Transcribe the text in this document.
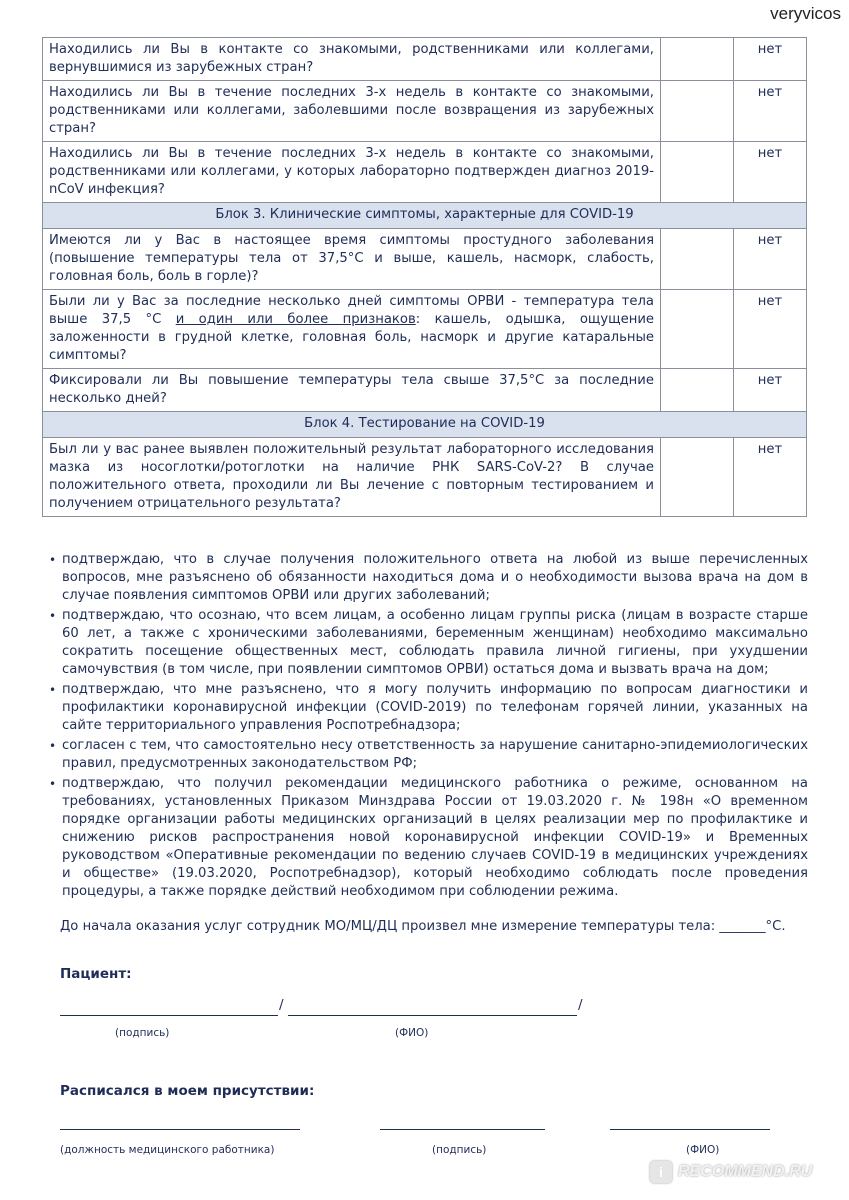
veryvicos
Находились ли Вы в контакте со знакомыми, родственниками или коллегами, вернувшимися из зарубежных стран?		нет
Находились ли Вы в течение последних 3-х недель в контакте со знакомыми, родственниками или коллегами, заболевшими после возвращения из зарубежных стран?		нет
Находились ли Вы в течение последних 3-х недель в контакте со знакомыми, родственниками или коллегами, у которых лабораторно подтвержден диагноз 2019-nCoV инфекция?		нет
Блок 3. Клинические симптомы, характерные для COVID-19		
Имеются ли у Вас в настоящее время симптомы простудного заболевания (повышение температуры тела от 37,5°С и выше, кашель, насморк, слабость, головная боль, боль в горле)?		нет
Были ли у Вас за последние несколько дней симптомы ОРВИ - температура тела выше 37,5 °С и один или более признаков: кашель, одышка, ощущение заложенности в грудной клетке, головная боль, насморк и другие катаральные симптомы?		нет
Фиксировали ли Вы повышение температуры тела свыше 37,5°С за последние несколько дней?		нет
Блок 4. Тестирование на COVID-19		
Был ли у вас ранее выявлен положительный результат лабораторного исследования мазка из носоглотки/ротоглотки на наличие РНК SARS-CoV-2? В случае положительного ответа, проходили ли Вы лечение с повторным тестированием и получением отрицательного результата?		нет
• подтверждаю, что в случае получения положительного ответа на любой из выше перечисленных вопросов, мне разъяснено об обязанности находиться дома и о необходимости вызова врача на дом в случае появления симптомов ОРВИ или других заболеваний;
• подтверждаю, что осознаю, что всем лицам, а особенно лицам группы риска (лицам в возрасте старше 60 лет, а также с хроническими заболеваниями, беременным женщинам) необходимо максимально сократить посещение общественных мест, соблюдать правила личной гигиены, при ухудшении самочувствия (в том числе, при появлении симптомов ОРВИ) остаться дома и вызвать врача на дом;
• подтверждаю, что мне разъяснено, что я могу получить информацию по вопросам диагностики и профилактики коронавирусной инфекции (COVID-2019) по телефонам горячей линии, указанных на сайте территориального управления Роспотребнадзора;
• согласен с тем, что самостоятельно несу ответственность за нарушение санитарно-эпидемиологических правил, предусмотренных законодательством РФ;
• подтверждаю, что получил рекомендации медицинского работника о режиме, основанном на требованиях, установленных Приказом Минздрава России от 19.03.2020 г. № 198н «О временном порядке организации работы медицинских организаций в целях реализации мер по профилактике и снижению рисков распространения новой коронавирусной инфекции COVID-19» и Временных руководством «Оперативные рекомендации по ведению случаев COVID-19 в медицинских учреждениях и обществе» (19.03.2020, Роспотребнадзор), который необходимо соблюдать после проведения процедуры, а также порядке действий необходимом при соблюдении режима.
До начала оказания услуг сотрудник МО/МЦ/ДЦ произвел мне измерение температуры тела: _______°С.
Пациент:
/	/
(подпись)	(ФИО)
Расписался в моем присутствии:
(должность медицинского работника)	(подпись)	(ФИО)
i RECOMMEND.RU
